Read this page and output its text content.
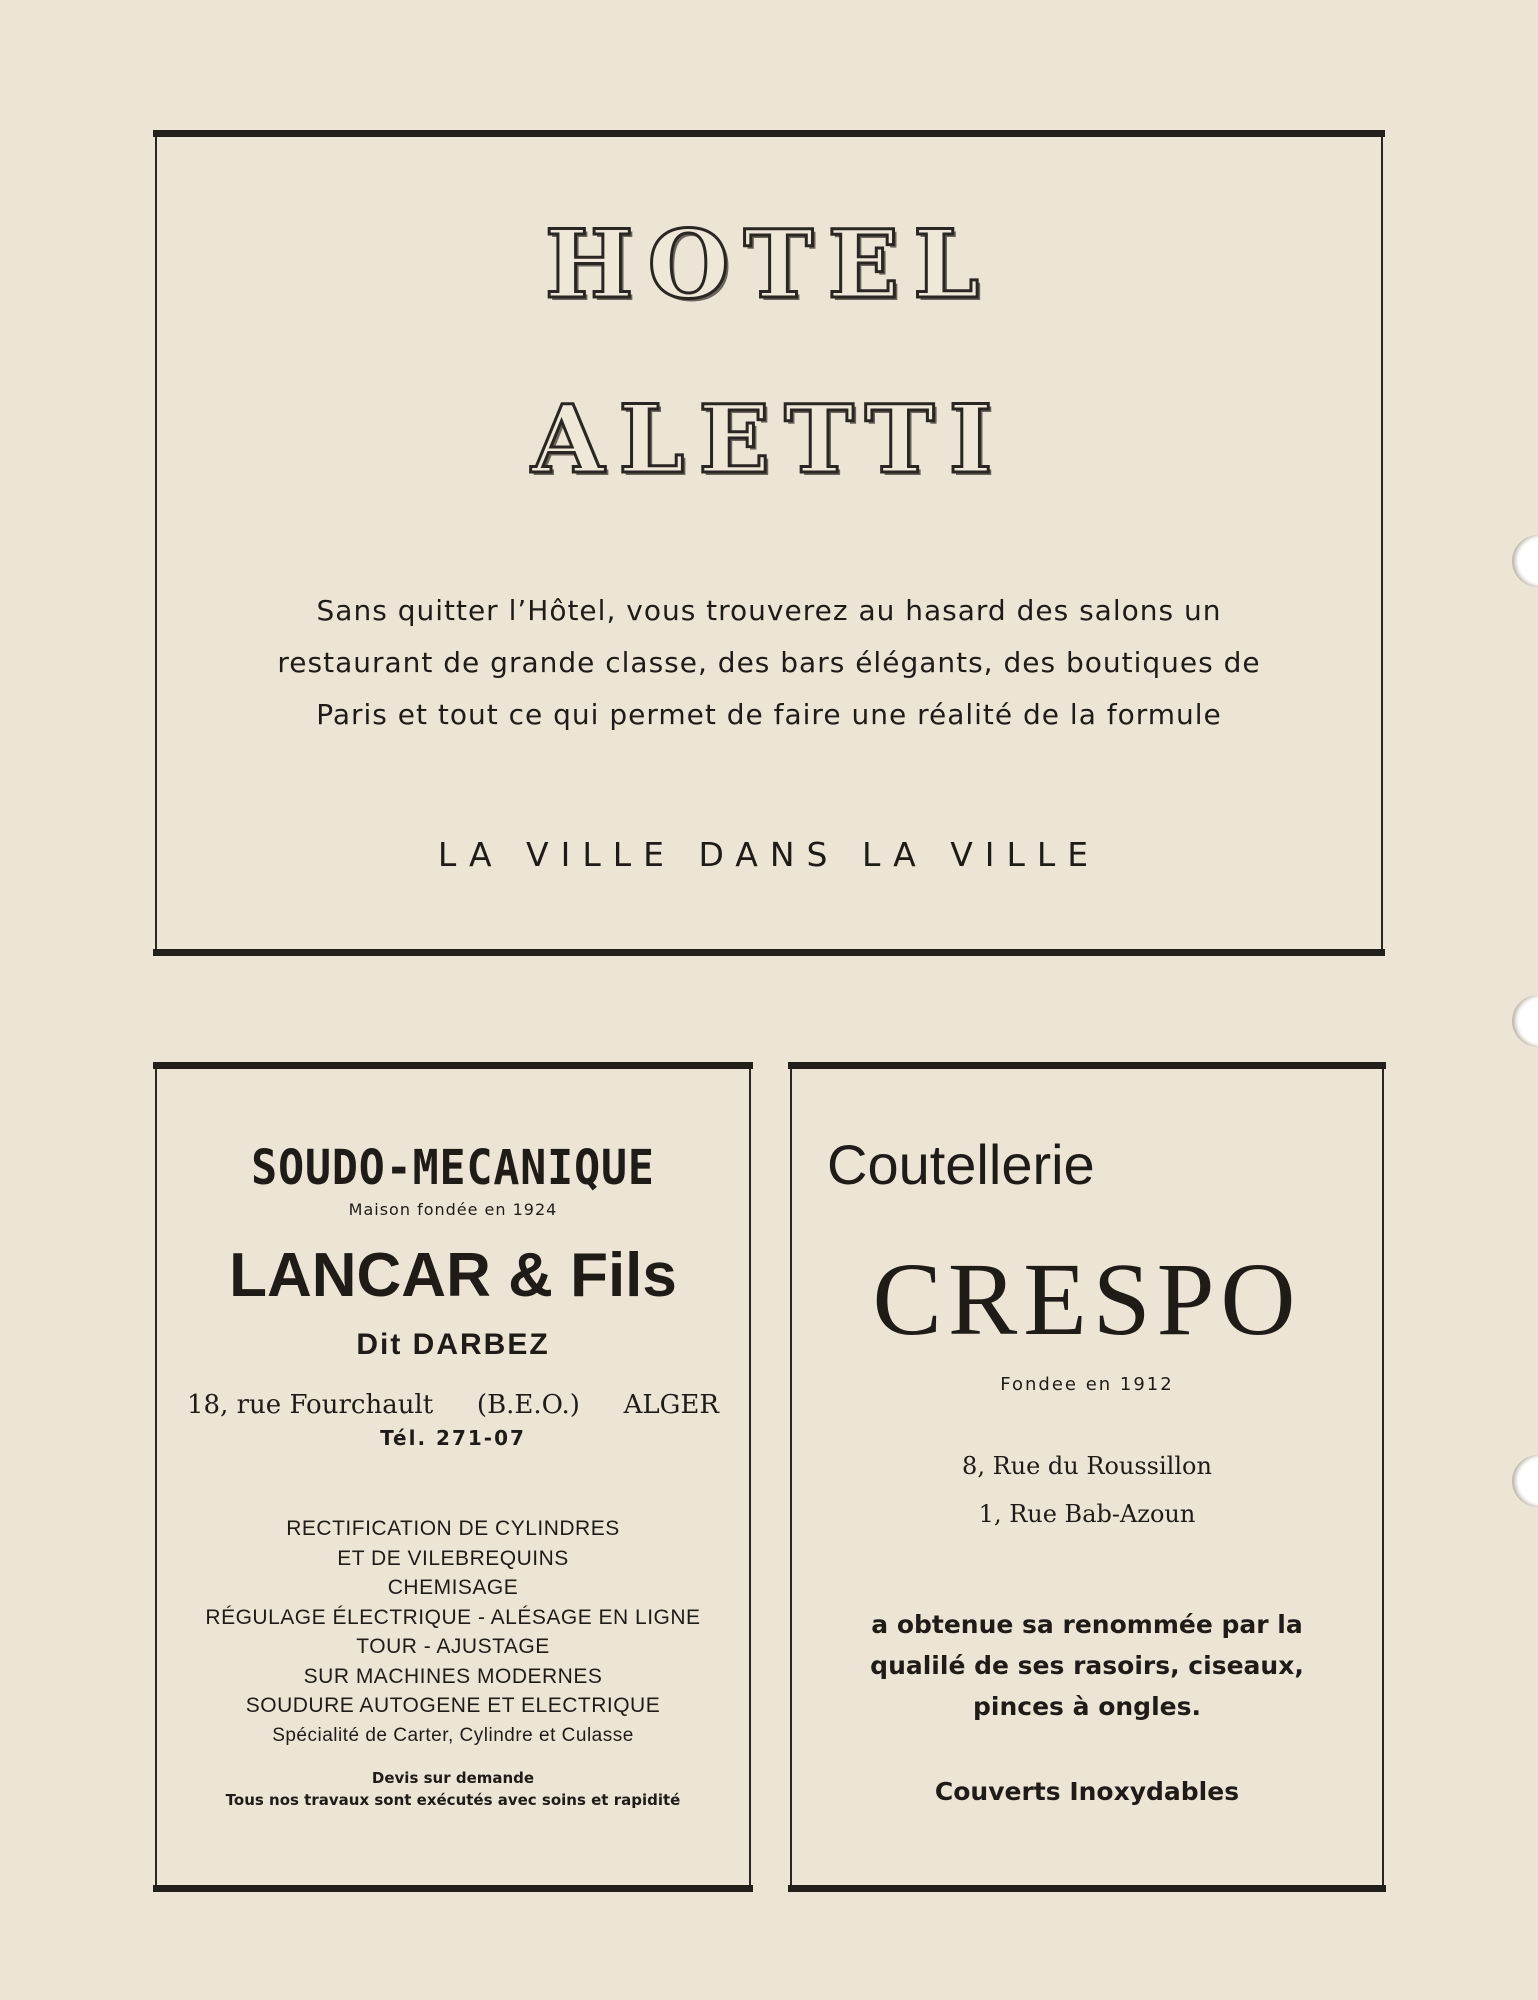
HOTEL
ALETTI
Sans quitter l’Hôtel, vous trouverez au hasard des salons un restaurant de grande classe, des bars élégants, des boutiques de Paris et tout ce qui permet de faire une réalité de la formule
LA VILLE DANS LA VILLE
SOUDO-MECANIQUE
Maison fondée en 1924
LANCAR & Fils
Dit DARBEZ
18, rue Fourchault (B.E.O.) ALGER
Tél. 271-07
RECTIFICATION DE CYLINDRES
ET DE VILEBREQUINS
CHEMISAGE
RÉGULAGE ÉLECTRIQUE - ALÉSAGE EN LIGNE
TOUR - AJUSTAGE
SUR MACHINES MODERNES
SOUDURE AUTOGENE ET ELECTRIQUE
Spécialité de Carter, Cylindre et Culasse
Devis sur demande
Tous nos travaux sont exécutés avec soins et rapidité
Coutellerie
CRESPO
Fondee en 1912
8, Rue du Roussillon
1, Rue Bab-Azoun
a obtenue sa renommée par la qualilé de ses rasoirs, ciseaux, pinces à ongles.
Couverts Inoxydables
